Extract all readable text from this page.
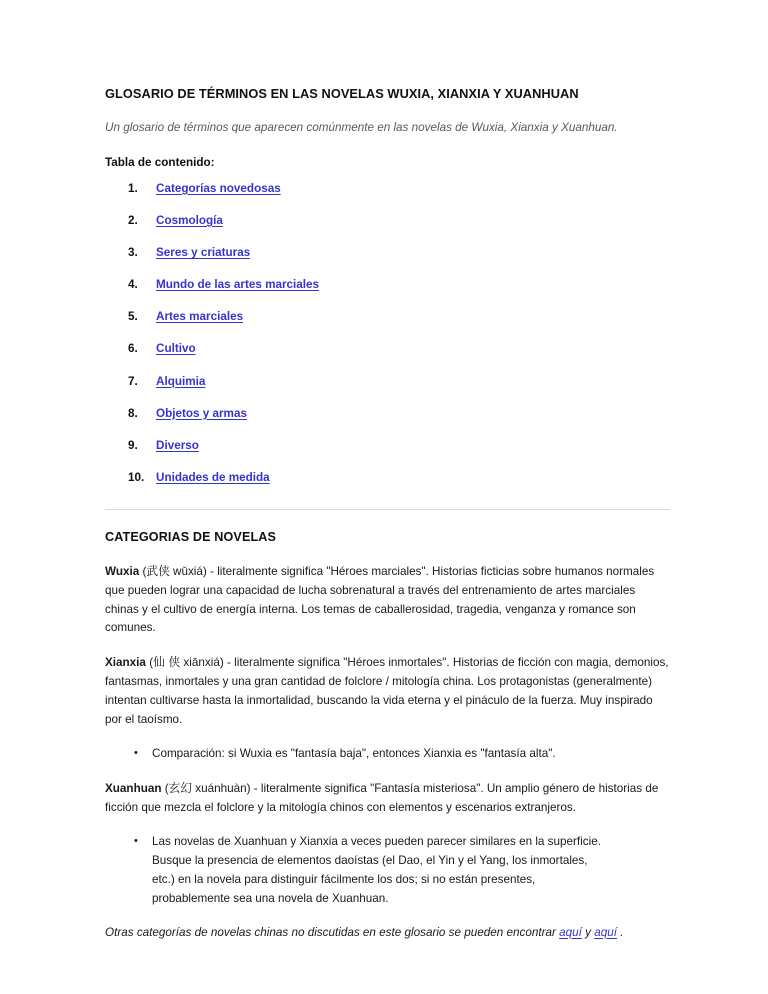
GLOSARIO DE TÉRMINOS EN LAS NOVELAS WUXIA, XIANXIA Y XUANHUAN

Un glosario de términos que aparecen comúnmente en las novelas de Wuxia, Xianxia y Xuanhuan.

Tabla de contenido:

1.	Categorías novedosas
2.	Cosmología
3.	Seres y criaturas
4.	Mundo de las artes marciales
5.	Artes marciales
6.	Cultivo
7.	Alquimia
8.	Objetos y armas
9.	Diverso
10.	Unidades de medida
CATEGORIAS DE NOVELAS

Wuxia (武侠 wǔxiá) - literalmente significa "Héroes marciales". Historias ficticias sobre humanos normales que pueden lograr una capacidad de lucha sobrenatural a través del entrenamiento de artes marciales chinas y el cultivo de energía interna. Los temas de caballerosidad, tragedia, venganza y romance son comunes.

Xianxia (仙 侠 xiānxiá) - literalmente significa "Héroes inmortales". Historias de ficción con magia, demonios, fantasmas, inmortales y una gran cantidad de folclore / mitología china. Los protagonistas (generalmente) intentan cultivarse hasta la inmortalidad, buscando la vida eterna y el pináculo de la fuerza. Muy inspirado por el taoísmo.

•	Comparación: si Wuxia es "fantasía baja", entonces Xianxia es "fantasía alta".

Xuanhuan (玄幻 xuánhuàn) - literalmente significa "Fantasía misteriosa". Un amplio género de historias de ficción que mezcla el folclore y la mitología chinos con elementos y escenarios extranjeros.

•	Las novelas de Xuanhuan y Xianxia a veces pueden parecer similares en la superficie. Busque la presencia de elementos daoístas (el Dao, el Yin y el Yang, los inmortales, etc.) en la novela para distinguir fácilmente los dos; si no están presentes, probablemente sea una novela de Xuanhuan.

Otras categorías de novelas chinas no discutidas en este glosario se pueden encontrar aquí y aquí .
